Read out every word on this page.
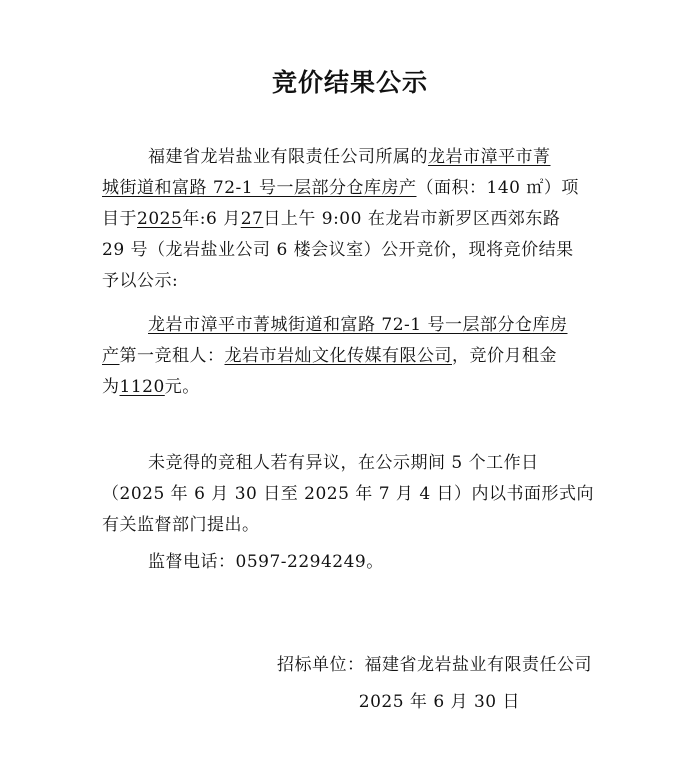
竞价结果公示
福建省龙岩盐业有限责任公司所属的龙岩市漳平市菁
城街道和富路 72-1 号一层部分仓库房产（面积：140 ㎡）项
目于2025年:6 月27日上午 9:00 在龙岩市新罗区西郊东路
29 号（龙岩盐业公司 6 楼会议室）公开竞价，现将竞价结果
予以公示:
龙岩市漳平市菁城街道和富路 72-1 号一层部分仓库房
产第一竞租人：龙岩市岩灿文化传媒有限公司，竞价月租金
为1120元。
未竞得的竞租人若有异议，在公示期间 5 个工作日
（2025 年 6 月 30 日至 2025 年 7 月 4 日）内以书面形式向
有关监督部门提出。
监督电话：0597-2294249。
招标单位：福建省龙岩盐业有限责任公司
2025 年 6 月 30 日
